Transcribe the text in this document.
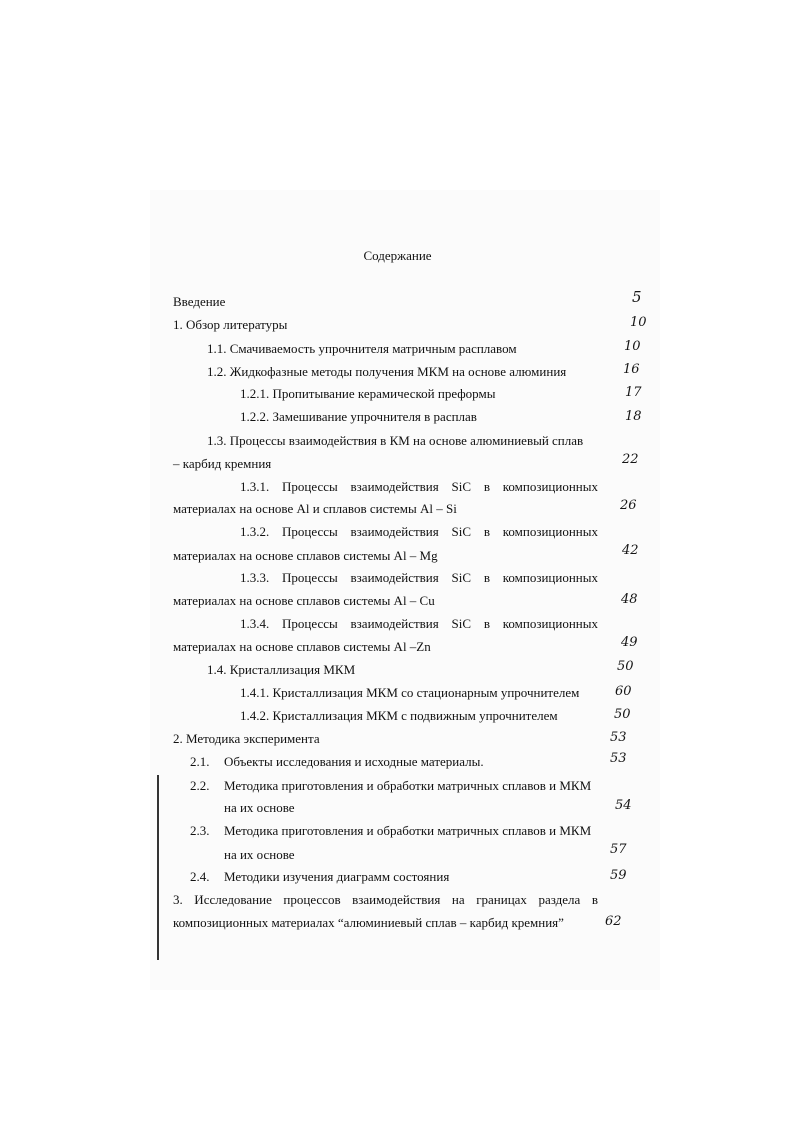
Содержание
Введение	5
1. Обзор литературы	10
1.1. Смачиваемость упрочнителя матричным расплавом	10
1.2. Жидкофазные методы получения МКМ на основе алюминия	16
1.2.1. Пропитывание керамической преформы	17
1.2.2. Замешивание упрочнителя в расплав	18
1.3. Процессы взаимодействия в КМ на основе алюминиевый сплав
– карбид кремния	22
1.3.1. Процессы взаимодействия SiC в композиционных
материалах на основе Al и сплавов системы Al – Si	26
1.3.2. Процессы взаимодействия SiC в композиционных
материалах на основе сплавов системы Al – Mg	42
1.3.3. Процессы взаимодействия SiC в композиционных
материалах на основе сплавов системы Al – Cu	48
1.3.4. Процессы взаимодействия SiC в композиционных
материалах на основе сплавов системы Al –Zn	49
1.4. Кристаллизация МКМ	50
1.4.1. Кристаллизация МКМ со стационарным упрочнителем	60
1.4.2. Кристаллизация МКМ с подвижным упрочнителем	50
2. Методика эксперимента	53
2.1. Объекты исследования и исходные материалы.	53
2.2. Методика приготовления и обработки матричных сплавов и МКМ
на их основе	54
2.3. Методика приготовления и обработки матричных сплавов и МКМ
на их основе	57
2.4. Методики изучения диаграмм состояния	59
3. Исследование процессов взаимодействия на границах раздела в
композиционных материалах “алюминиевый сплав – карбид кремния”	62
